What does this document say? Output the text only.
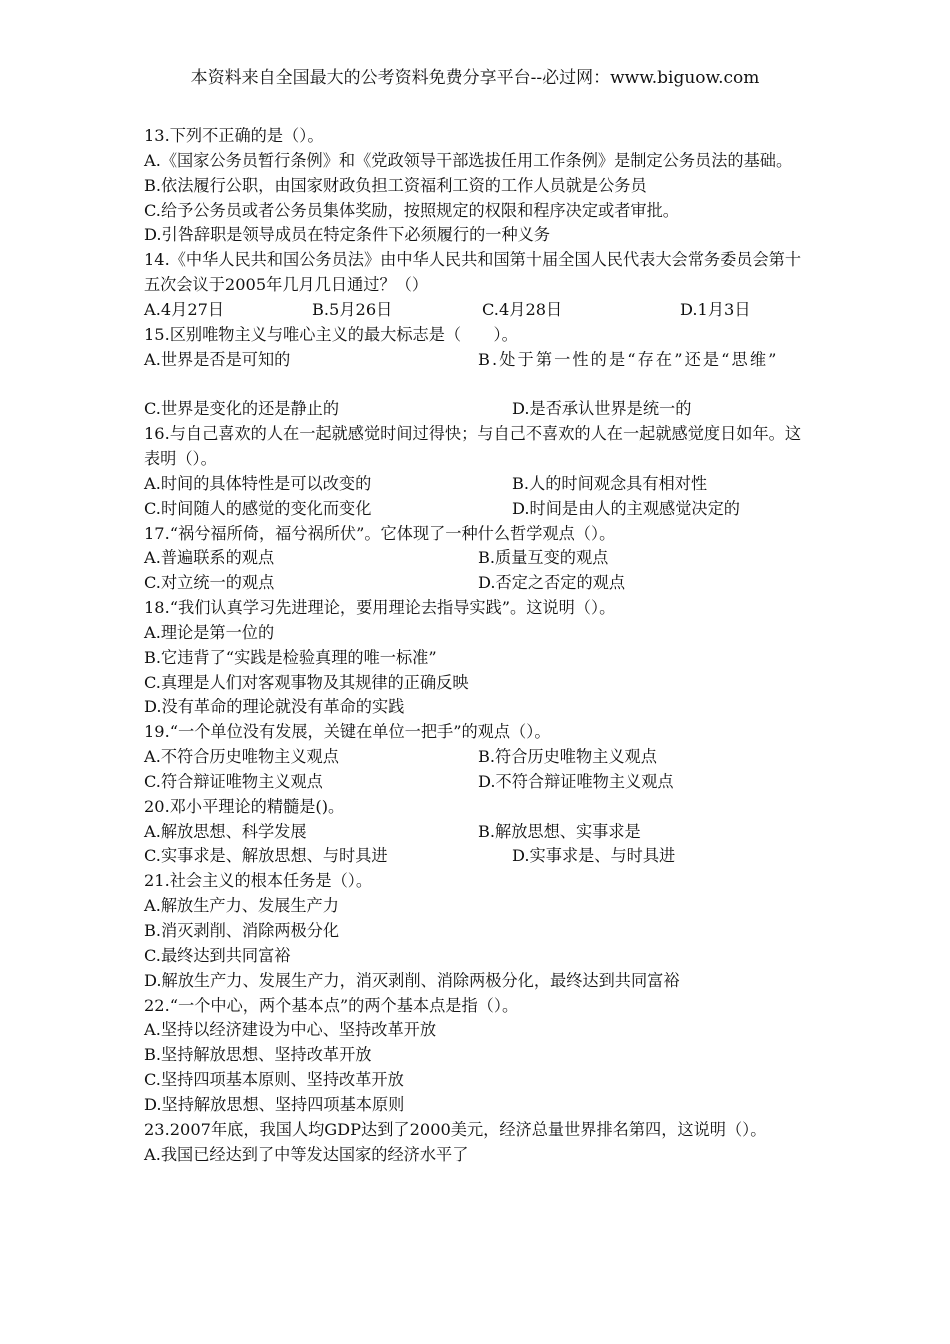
本资料来自全国最大的公考资料免费分享平台--必过网：www.biguow.com
13.下列不正确的是（）。
A.《国家公务员暂行条例》和《党政领导干部选拔任用工作条例》是制定公务员法的基础。
B.依法履行公职，由国家财政负担工资福利工资的工作人员就是公务员
C.给予公务员或者公务员集体奖励，按照规定的权限和程序决定或者审批。
D.引咎辞职是领导成员在特定条件下必须履行的一种义务
14.《中华人民共和国公务员法》由中华人民共和国第十届全国人民代表大会常务委员会第十五次会议于2005年几月几日通过？（）
A.4月27日	B.5月26日	C.4月28日	D.1月3日
15.区别唯物主义与唯心主义的最大标志是（　　）。
A.世界是否是可知的	B.处于第一性的是“存在”还是“思维”
C.世界是变化的还是静止的	D.是否承认世界是统一的
16.与自己喜欢的人在一起就感觉时间过得快；与自己不喜欢的人在一起就感觉度日如年。这表明（）。
A.时间的具体特性是可以改变的	B.人的时间观念具有相对性
C.时间随人的感觉的变化而变化	D.时间是由人的主观感觉决定的
17.“祸兮福所倚，福兮祸所伏”。它体现了一种什么哲学观点（）。
A.普遍联系的观点	B.质量互变的观点
C.对立统一的观点	D.否定之否定的观点
18.“我们认真学习先进理论，要用理论去指导实践”。这说明（）。
A.理论是第一位的
B.它违背了“实践是检验真理的唯一标准”
C.真理是人们对客观事物及其规律的正确反映
D.没有革命的理论就没有革命的实践
19.“一个单位没有发展，关键在单位一把手”的观点（）。
A.不符合历史唯物主义观点	B.符合历史唯物主义观点
C.符合辩证唯物主义观点	D.不符合辩证唯物主义观点
20.邓小平理论的精髓是()。
A.解放思想、科学发展	B.解放思想、实事求是
C.实事求是、解放思想、与时具进	D.实事求是、与时具进
21.社会主义的根本任务是（）。
A.解放生产力、发展生产力
B.消灭剥削、消除两极分化
C.最终达到共同富裕
D.解放生产力、发展生产力，消灭剥削、消除两极分化，最终达到共同富裕
22.“一个中心，两个基本点”的两个基本点是指（）。
A.坚持以经济建设为中心、坚持改革开放
B.坚持解放思想、坚持改革开放
C.坚持四项基本原则、坚持改革开放
D.坚持解放思想、坚持四项基本原则
23.2007年底，我国人均GDP达到了2000美元，经济总量世界排名第四，这说明（）。
A.我国已经达到了中等发达国家的经济水平了
